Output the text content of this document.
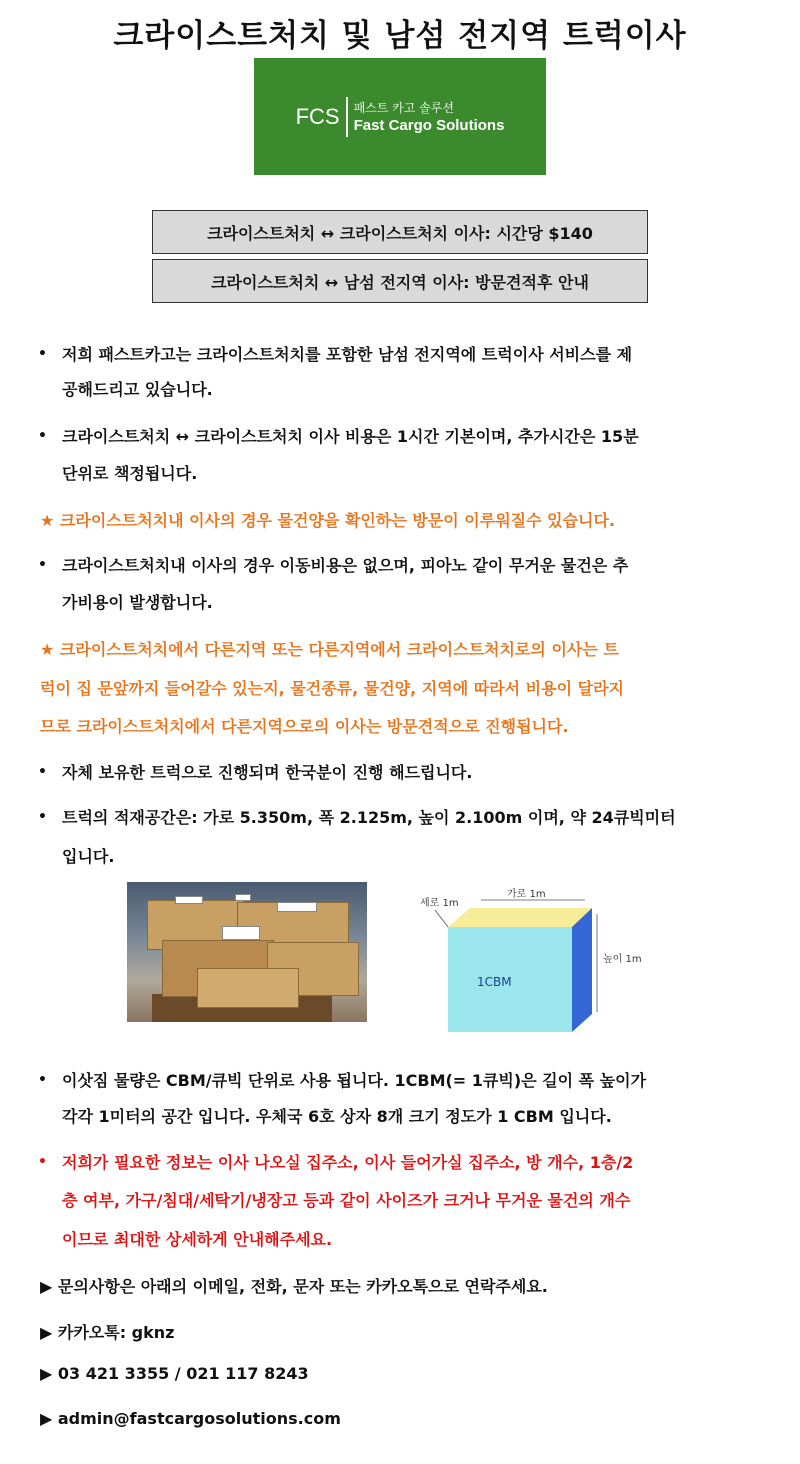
크라이스트처치 및 남섬 전지역 트럭이사
FCS 패스트 카고 솔루션
Fast Cargo Solutions
크라이스트처치 ↔ 크라이스트처치 이사: 시간당 $140
크라이스트처치 ↔ 남섬 전지역 이사: 방문견적후 안내
저희 패스트카고는 크라이스트처치를 포함한 남섬 전지역에 트럭이사 서비스를 제
공해드리고 있습니다.
크라이스트처치 ↔ 크라이스트처치 이사 비용은 1시간 기본이며, 추가시간은 15분
단위로 책정됩니다.
★ 크라이스트처치내 이사의 경우 물건양을 확인하는 방문이 이루워질수 있습니다.
크라이스트처치내 이사의 경우 이동비용은 없으며, 피아노 같이 무거운 물건은 추
가비용이 발생합니다.
★ 크라이스트처치에서 다른지역 또는 다른지역에서 크라이스트처치로의 이사는 트
럭이 집 문앞까지 들어갈수 있는지, 물건종류, 물건양, 지역에 따라서 비용이 달라지
므로 크라이스트처치에서 다른지역으로의 이사는 방문견적으로 진행됩니다.
자체 보유한 트럭으로 진행되며 한국분이 진행 해드립니다.
트럭의 적재공간은: 가로 5.350m, 폭 2.125m, 높이 2.100m 이며, 약 24큐빅미터
입니다.
세로 1m
가로 1m
높이 1m
1CBM
이삿짐 물량은 CBM/큐빅 단위로 사용 됩니다. 1CBM(= 1큐빅)은 길이 폭 높이가
각각 1미터의 공간 입니다. 우체국 6호 상자 8개 크기 정도가 1 CBM 입니다.
저희가 필요한 정보는 이사 나오실 집주소, 이사 들어가실 집주소, 방 개수, 1층/2
층 여부, 가구/침대/세탁기/냉장고 등과 같이 사이즈가 크거나 무거운 물건의 개수
이므로 최대한 상세하게 안내해주세요.
▶ 문의사항은 아래의 이메일, 전화, 문자 또는 카카오톡으로 연락주세요.
▶ 카카오톡: gknz
▶ 03 421 3355 / 021 117 8243
▶ admin@fastcargosolutions.com
